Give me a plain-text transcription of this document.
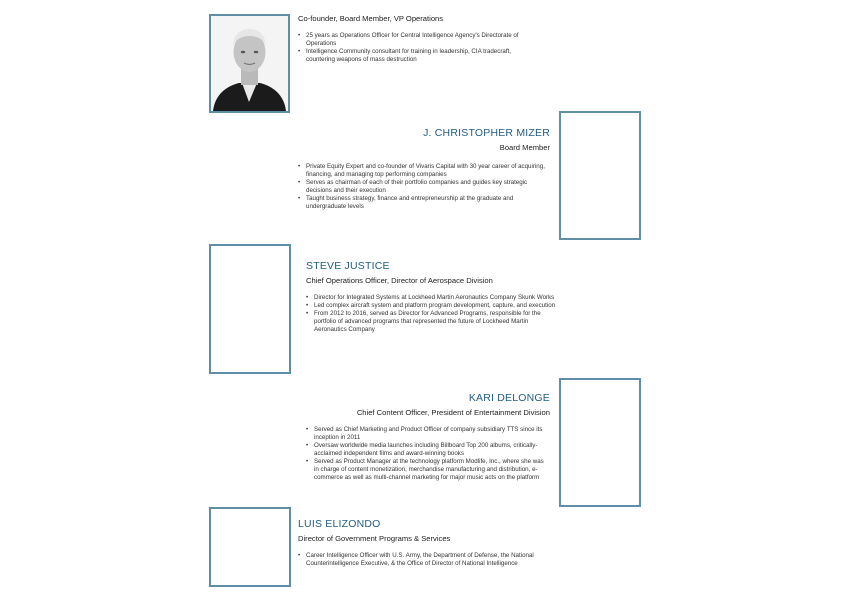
Co-founder, Board Member, VP Operations
• 25 years as Operations Officer for Central Intelligence Agency's Directorate of Operations
• Intelligence Community consultant for training in leadership, CIA tradecraft, countering weapons of mass destruction
J. CHRISTOPHER MIZER
Board Member
• Private Equity Expert and co-founder of Vivaris Capital with 30 year career of acquiring, financing, and managing top performing companies
• Serves as chairman of each of their portfolio companies and guides key strategic decisions and their execution
• Taught business strategy, finance and entrepreneurship at the graduate and undergraduate levels
STEVE JUSTICE
Chief Operations Officer, Director of Aerospace Division
• Director for Integrated Systems at Lockheed Martin Aeronautics Company Skunk Works
• Led complex aircraft system and platform program development, capture, and execution
• From 2012 to 2016, served as Director for Advanced Programs, responsible for the portfolio of advanced programs that represented the future of Lockheed Martin Aeronautics Company
KARI DELONGE
Chief Content Officer, President of Entertainment Division
• Served as Chief Marketing and Product Officer of company subsidiary TTS since its inception in 2011
• Oversaw worldwide media launches including Billboard Top 200 albums, critically-acclaimed independent films and award-winning books
• Served as Product Manager at the technology platform Modlife, Inc., where she was in charge of content monetization, merchandise manufacturing and distribution, e-commerce as well as multi-channel marketing for major music acts on the platform
LUIS ELIZONDO
Director of Government Programs & Services
• Career Intelligence Officer with U.S. Army, the Department of Defense, the National Counterintelligence Executive, & the Office of Director of National Intelligence
